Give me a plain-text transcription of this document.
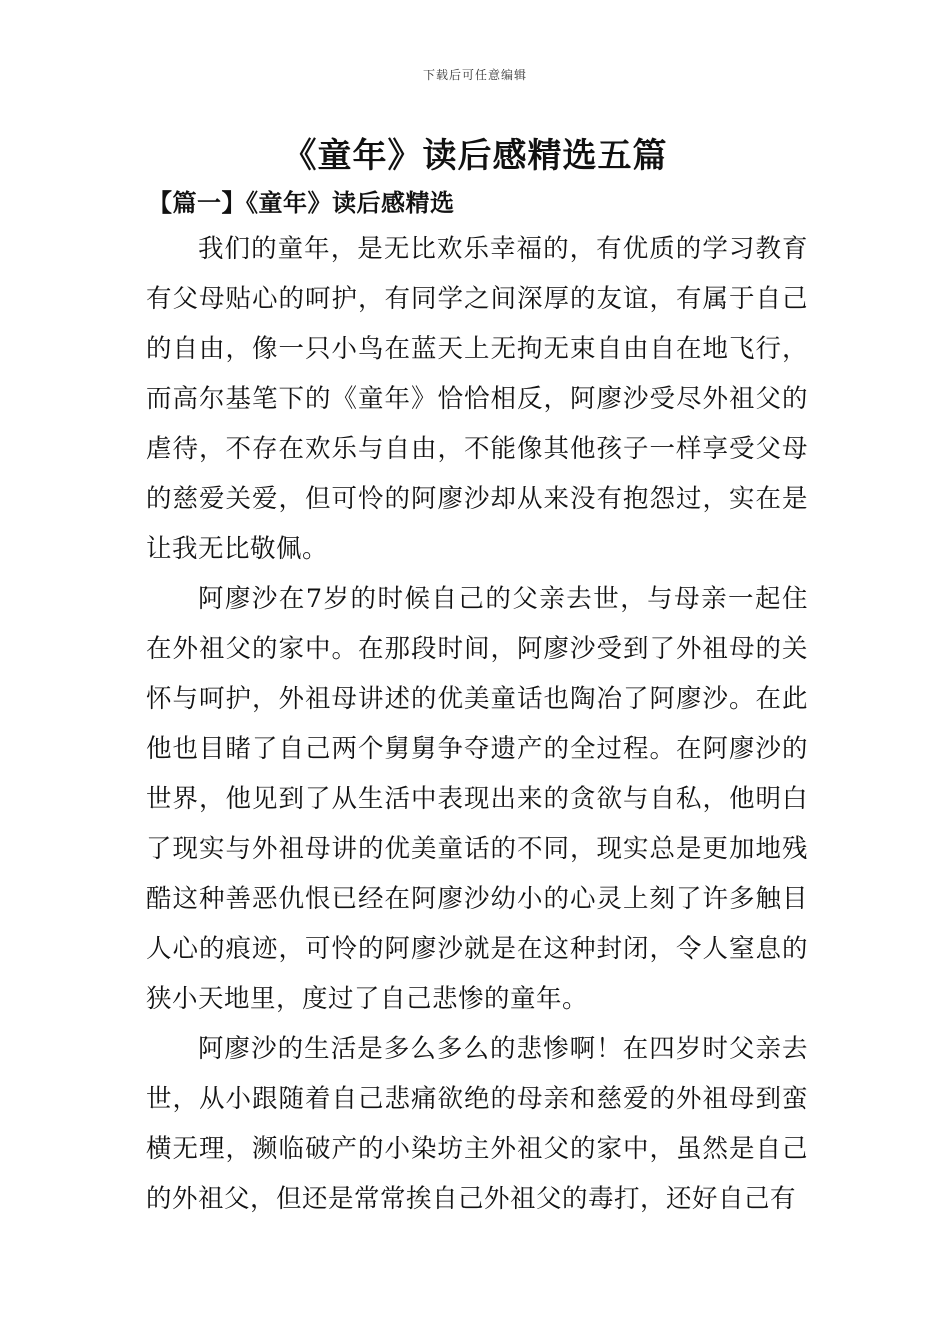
下载后可任意编辑
《童年》读后感精选五篇
【篇一】《童年》读后感精选

我们的童年，是无比欢乐幸福的，有优质的学习教育有父母贴心的呵护，有同学之间深厚的友谊，有属于自己的自由，像一只小鸟在蓝天上无拘无束自由自在地飞行，而高尔基笔下的《童年》恰恰相反，阿廖沙受尽外祖父的虐待，不存在欢乐与自由，不能像其他孩子一样享受父母的慈爱关爱，但可怜的阿廖沙却从来没有抱怨过，实在是让我无比敬佩。

阿廖沙在7岁的时候自己的父亲去世，与母亲一起住在外祖父的家中。在那段时间，阿廖沙受到了外祖母的关怀与呵护，外祖母讲述的优美童话也陶冶了阿廖沙。在此他也目睹了自己两个舅舅争夺遗产的全过程。在阿廖沙的世界，他见到了从生活中表现出来的贪欲与自私，他明白了现实与外祖母讲的优美童话的不同，现实总是更加地残酷这种善恶仇恨已经在阿廖沙幼小的心灵上刻了许多触目人心的痕迹，可怜的阿廖沙就是在这种封闭，令人窒息的狭小天地里，度过了自己悲惨的童年。

阿廖沙的生活是多么多么的悲惨啊！在四岁时父亲去世，从小跟随着自己悲痛欲绝的母亲和慈爱的外祖母到蛮横无理，濒临破产的小染坊主外祖父的家中，虽然是自己的外祖父，但还是常常挨自己外祖父的毒打，还好自己有
